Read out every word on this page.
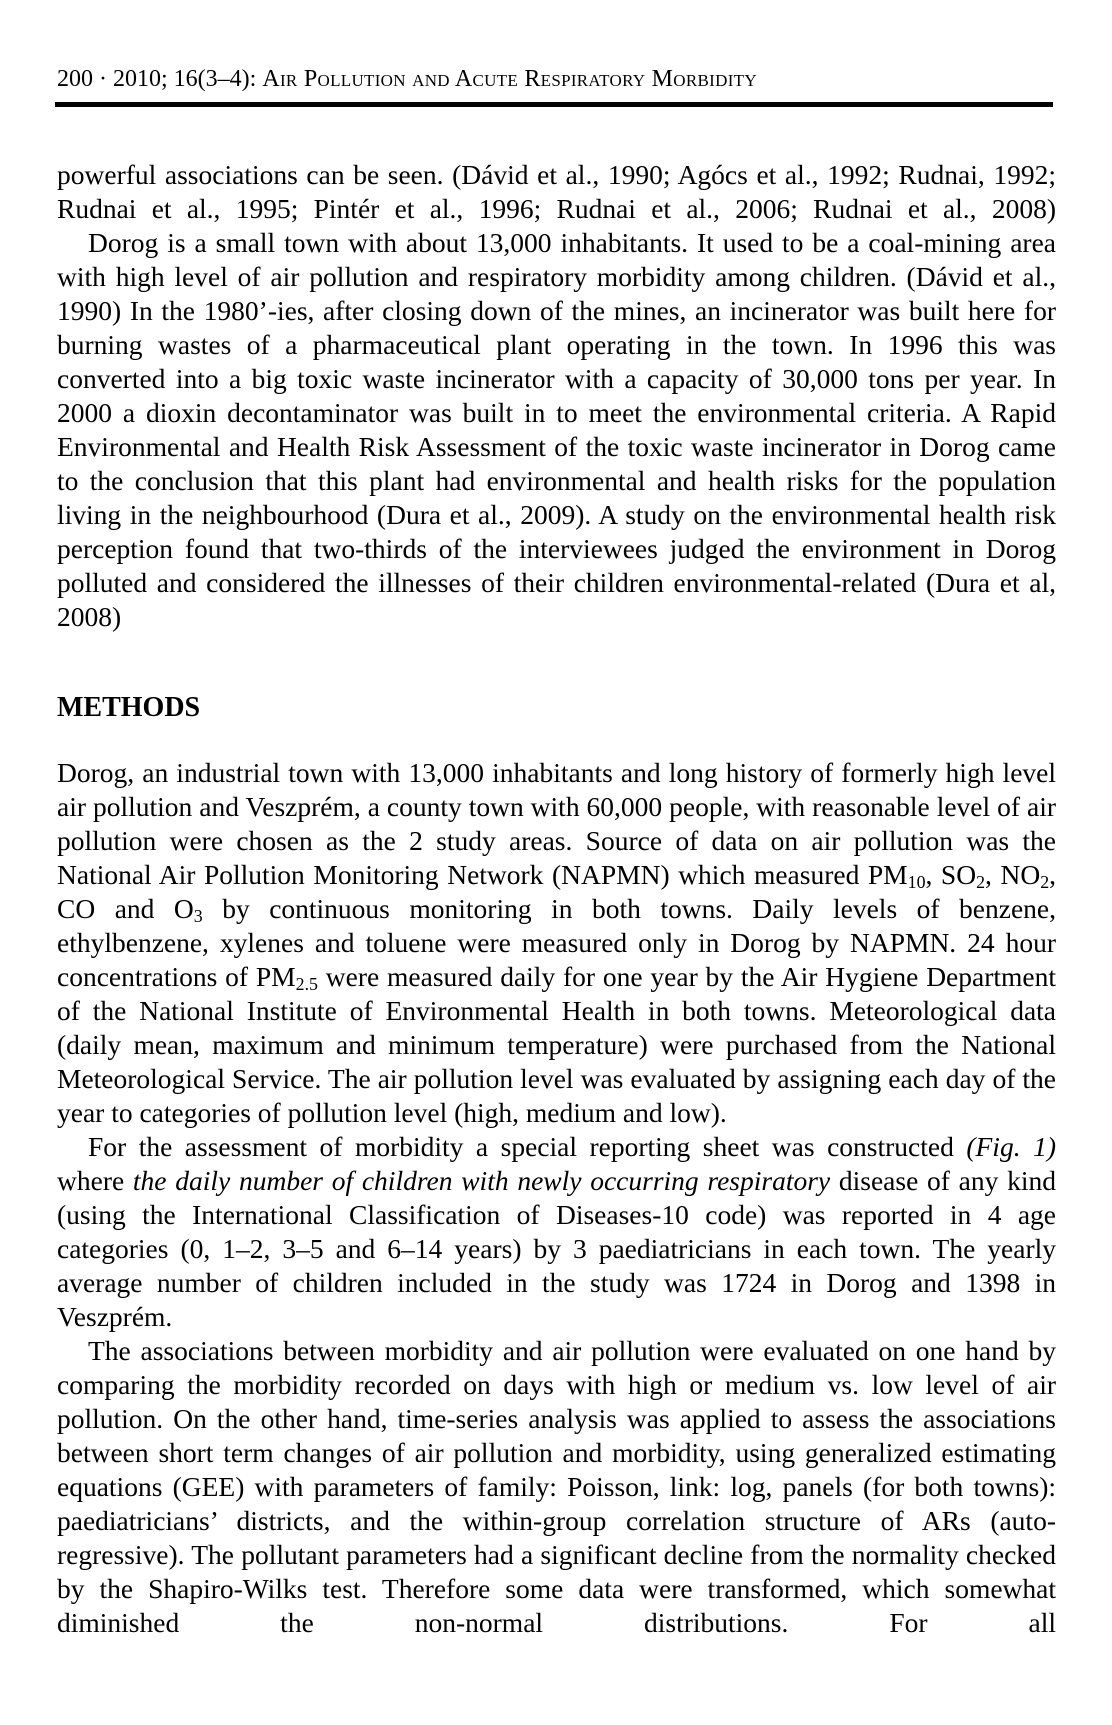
200 · 2010; 16(3–4): Air Pollution and Acute Respiratory Morbidity

powerful associations can be seen. (Dávid et al., 1990; Agócs et al., 1992; Rudnai, 1992; Rudnai et al., 1995; Pintér et al., 1996; Rudnai et al., 2006; Rudnai et al., 2008)

Dorog is a small town with about 13,000 inhabitants. It used to be a coal-mining area with high level of air pollution and respiratory morbidity among children. (Dávid et al., 1990) In the 1980’-ies, after closing down of the mines, an incinerator was built here for burning wastes of a pharmaceutical plant operating in the town. In 1996 this was converted into a big toxic waste incinerator with a capacity of 30,000 tons per year. In 2000 a dioxin decontaminator was built in to meet the environmental criteria. A Rapid Environmental and Health Risk Assessment of the toxic waste incinerator in Dorog came to the conclusion that this plant had environmental and health risks for the population living in the neighbourhood (Dura et al., 2009). A study on the environmental health risk perception found that two-thirds of the interviewees judged the environment in Dorog polluted and considered the illnesses of their children environmental-related (Dura et al, 2008)

METHODS

Dorog, an industrial town with 13,000 inhabitants and long history of formerly high level air pollution and Veszprém, a county town with 60,000 people, with reasonable level of air pollution were chosen as the 2 study areas. Source of data on air pollution was the National Air Pollution Monitoring Network (NAPMN) which measured PM10, SO2, NO2, CO and O3 by continuous monitoring in both towns. Daily levels of benzene, ethylbenzene, xylenes and toluene were measured only in Dorog by NAPMN. 24 hour concentrations of PM2.5 were measured daily for one year by the Air Hygiene Department of the National Institute of Environmental Health in both towns. Meteorological data (daily mean, maximum and minimum temperature) were purchased from the National Meteorological Service. The air pollution level was evaluated by assigning each day of the year to categories of pollution level (high, medium and low).

For the assessment of morbidity a special reporting sheet was constructed (Fig. 1) where the daily number of children with newly occurring respiratory disease of any kind (using the International Classification of Diseases-10 code) was reported in 4 age categories (0, 1–2, 3–5 and 6–14 years) by 3 paediatricians in each town. The yearly average number of children included in the study was 1724 in Dorog and 1398 in Veszprém.

The associations between morbidity and air pollution were evaluated on one hand by comparing the morbidity recorded on days with high or medium vs. low level of air pollution. On the other hand, time-series analysis was applied to assess the associations between short term changes of air pollution and morbidity, using generalized estimating equations (GEE) with parameters of family: Poisson, link: log, panels (for both towns): paediatricians’ districts, and the within-group correlation structure of ARs (auto-regressive). The pollutant parameters had a significant decline from the normality checked by the Shapiro-Wilks test. Therefore some data were transformed, which somewhat diminished the non-normal distributions. For all
